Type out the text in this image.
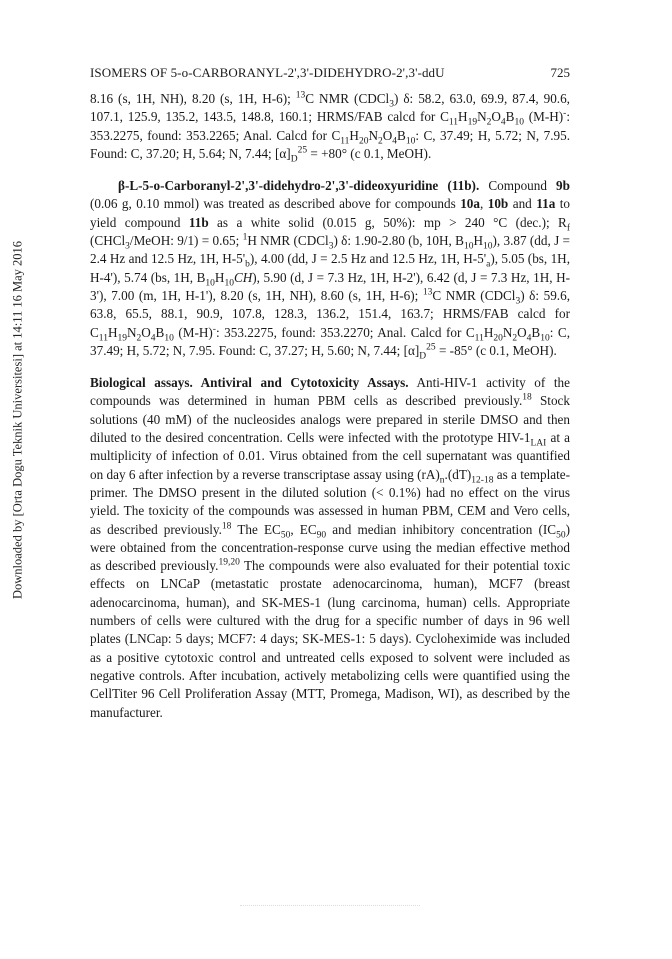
Downloaded by [Orta Dogu Teknik Universitesi] at 14:11 16 May 2016
ISOMERS OF 5-o-CARBORANYL-2',3'-DIDEHYDRO-2',3'-ddU	725

8.16 (s, 1H, NH), 8.20 (s, 1H, H-6); $^{13}$C NMR (CDCl$_3$) δ: 58.2, 63.0, 69.9, 87.4, 90.6, 107.1, 125.9, 135.2, 143.5, 148.8, 160.1; HRMS/FAB calcd for $C_{11}H_{19}N_2O_4B_{10}$ (M-H)-: 353.2275, found: 353.2265; Anal. Calcd for $C_{11}H_{20}N_2O_4B_{10}$: C, 37.49; H, 5.72; N, 7.95. Found: C, 37.20; H, 5.64; N, 7.44; $[\alpha]_D^{25} = +80^\circ$ (c 0.1, MeOH).

β-L-5-o-Carboranyl-2',3'-didehydro-2',3'-dideoxyuridine (11b). Compound 9b (0.06 g, 0.10 mmol) was treated as described above for compounds 10a, 10b and 11a to yield compound 11b as a white solid (0.015 g, 50%): mp > 240 °C (dec.); $R_f$ (CHCl$_3$/MeOH: 9/1) = 0.65; $^1$H NMR (CDCl$_3$) δ: 1.90-2.80 (b, 10H, $B_{10}H_{10}$), 3.87 (dd, J = 2.4 Hz and 12.5 Hz, 1H, $H-5'_b$), 4.00 (dd, J = 2.5 Hz and 12.5 Hz, 1H, $H-5'_a$), 5.05 (bs, 1H, H-4'), 5.74 (bs, 1H, $B_{10}H_{10}CH$), 5.90 (d, J = 7.3 Hz, 1H, H-2'), 6.42 (d, J = 7.3 Hz, 1H, H-3'), 7.00 (m, 1H, H-1'), 8.20 (s, 1H, NH), 8.60 (s, 1H, H-6); $^{13}$C NMR (CDCl$_3$) δ: 59.6, 63.8, 65.5, 88.1, 90.9, 107.8, 128.3, 136.2, 151.4, 163.7; HRMS/FAB calcd for $C_{11}H_{19}N_2O_4B_{10}$ (M-H)-: 353.2275, found: 353.2270; Anal. Calcd for $C_{11}H_{20}N_2O_4B_{10}$: C, 37.49; H, 5.72; N, 7.95. Found: C, 37.27; H, 5.60; N, 7.44; $[\alpha]_D^{25} = -85^\circ$ (c 0.1, MeOH).

Biological assays. Antiviral and Cytotoxicity Assays. Anti-HIV-1 activity of the compounds was determined in human PBM cells as described previously.$^{18}$ Stock solutions (40 mM) of the nucleosides analogs were prepared in sterile DMSO and then diluted to the desired concentration. Cells were infected with the prototype HIV-$1_{LAI}$ at a multiplicity of infection of 0.01. Virus obtained from the cell supernatant was quantified on day 6 after infection by a reverse transcriptase assay using $(rA)_n.(dT)_{12-18}$ as a template-primer. The DMSO present in the diluted solution (< 0.1%) had no effect on the virus yield. The toxicity of the compounds was assessed in human PBM, CEM and Vero cells, as described previously.$^{18}$ The $EC_{50}$, $EC_{90}$ and median inhibitory concentration $(IC_{50})$ were obtained from the concentration-response curve using the median effective method as described previously.$^{19,20}$ The compounds were also evaluated for their potential toxic effects on LNCaP (metastatic prostate adenocarcinoma, human), MCF7 (breast adenocarcinoma, human), and SK-MES-1 (lung carcinoma, human) cells. Appropriate numbers of cells were cultured with the drug for a specific number of days in 96 well plates (LNCap: 5 days; MCF7: 4 days; SK-MES-1: 5 days). Cycloheximide was included as a positive cytotoxic control and untreated cells exposed to solvent were included as negative controls. After incubation, actively metabolizing cells were quantified using the CellTiter 96 Cell Proliferation Assay (MTT, Promega, Madison, WI), as described by the manufacturer.
